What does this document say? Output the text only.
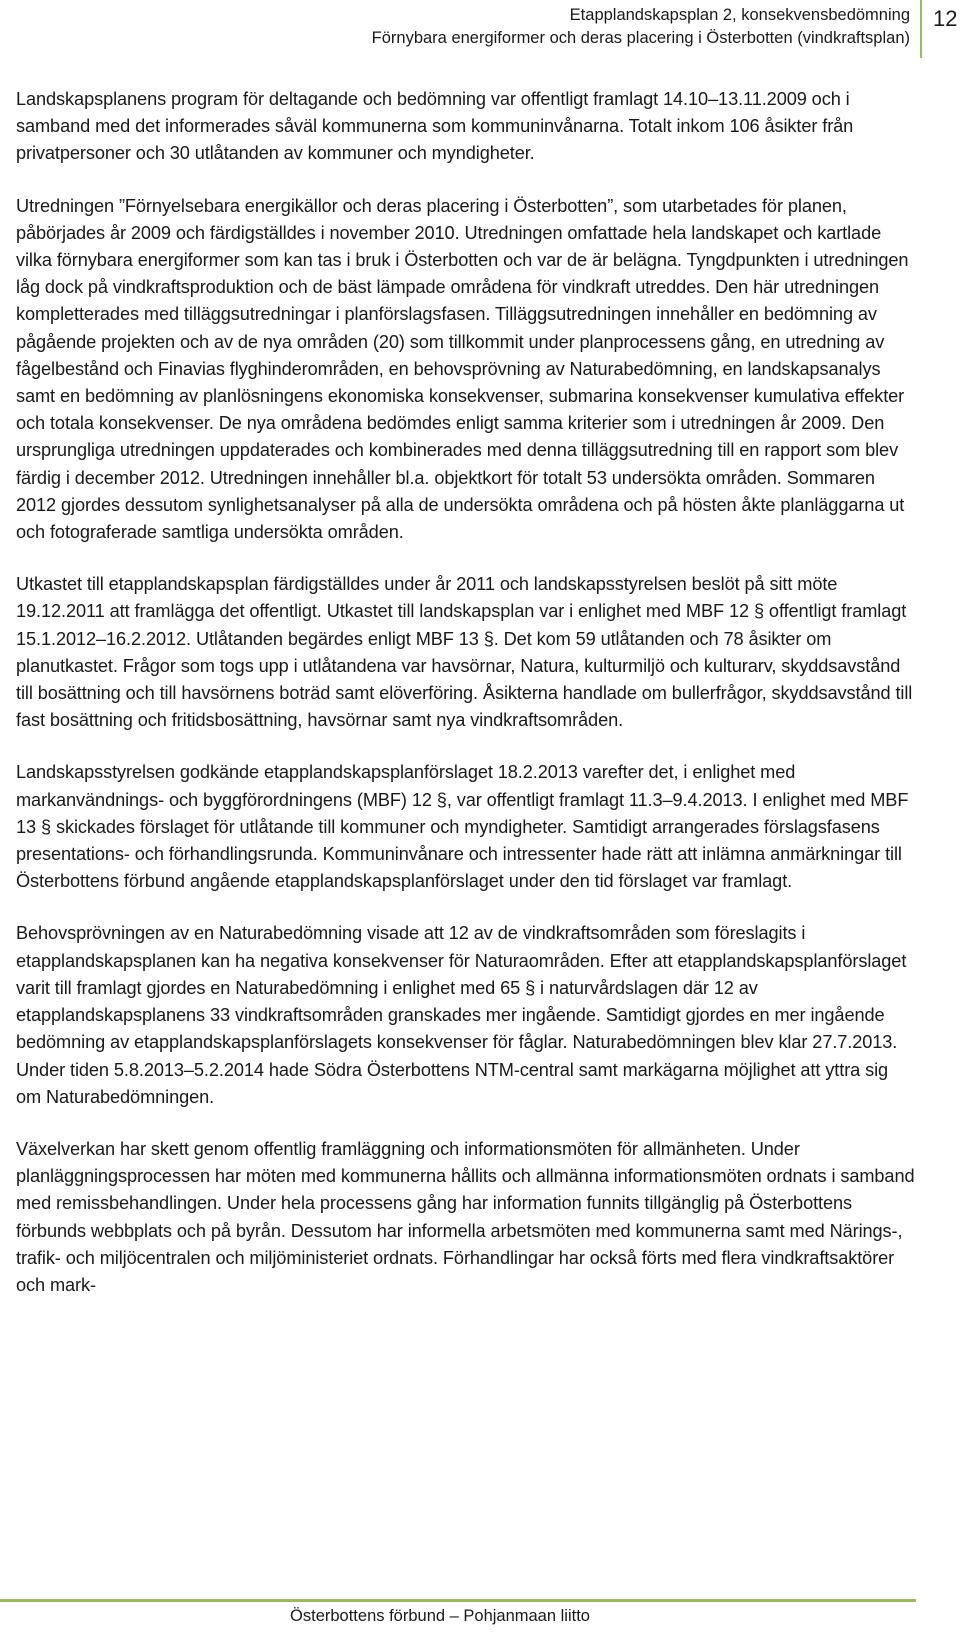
Etapplandskapsplan 2, konsekvensbedömning
Förnybara energiformer och deras placering i Österbotten (vindkraftsplan)
12

Landskapsplanens program för deltagande och bedömning var offentligt framlagt 14.10–13.11.2009 och i samband med det informerades såväl kommunerna som kommuninvånarna. Totalt inkom 106 åsikter från privatpersoner och 30 utlåtanden av kommuner och myndigheter.

Utredningen ”Förnyelsebara energikällor och deras placering i Österbotten”, som utarbetades för planen, påbörjades år 2009 och färdigställdes i november 2010. Utredningen omfattade hela landskapet och kartlade vilka förnybara energiformer som kan tas i bruk i Österbotten och var de är belägna. Tyngdpunkten i utredningen låg dock på vindkraftsproduktion och de bäst lämpade områdena för vindkraft utreddes. Den här utredningen kompletterades med tilläggsutredningar i planförslagsfasen. Tilläggsutredningen innehåller en bedömning av pågående projekten och av de nya områden (20) som tillkommit under planprocessens gång, en utredning av fågelbestånd och Finavias flyghinderområden, en behovsprövning av Naturabedömning, en landskapsanalys samt en bedömning av planlösningens ekonomiska konsekvenser, submarina konsekvenser kumulativa effekter och totala konsekvenser. De nya områdena bedömdes enligt samma kriterier som i utredningen år 2009. Den ursprungliga utredningen uppdaterades och kombinerades med denna tilläggsutredning till en rapport som blev färdig i december 2012. Utredningen innehåller bl.a. objektkort för totalt 53 undersökta områden. Sommaren 2012 gjordes dessutom synlighetsanalyser på alla de undersökta områdena och på hösten åkte planläggarna ut och fotograferade samtliga undersökta områden.

Utkastet till etapplandskapsplan färdigställdes under år 2011 och landskapsstyrelsen beslöt på sitt möte 19.12.2011 att framlägga det offentligt. Utkastet till landskapsplan var i enlighet med MBF 12 § offentligt framlagt 15.1.2012–16.2.2012. Utlåtanden begärdes enligt MBF 13 §. Det kom 59 utlåtanden och 78 åsikter om planutkastet. Frågor som togs upp i utlåtandena var havsörnar, Natura, kulturmiljö och kulturarv, skyddsavstånd till bosättning och till havsörnens boträd samt elöverföring. Åsikterna handlade om bullerfrågor, skyddsavstånd till fast bosättning och fritidsbosättning, havsörnar samt nya vindkraftsområden.

Landskapsstyrelsen godkände etapplandskapsplanförslaget 18.2.2013 varefter det, i enlighet med markanvändnings- och byggförordningens (MBF) 12 §, var offentligt framlagt 11.3–9.4.2013. I enlighet med MBF 13 § skickades förslaget för utlåtande till kommuner och myndigheter. Samtidigt arrangerades förslagsfasens presentations- och förhandlingsrunda. Kommuninvånare och intressenter hade rätt att inlämna anmärkningar till Österbottens förbund angående etapplandskapsplanförslaget under den tid förslaget var framlagt.

Behovsprövningen av en Naturabedömning visade att 12 av de vindkraftsområden som föreslagits i etapplandskapsplanen kan ha negativa konsekvenser för Naturaområden. Efter att etapplandskapsplanförslaget varit till framlagt gjordes en Naturabedömning i enlighet med 65 § i naturvårdslagen där 12 av etapplandskapsplanens 33 vindkraftsområden granskades mer ingående. Samtidigt gjordes en mer ingående bedömning av etapplandskapsplanförslagets konsekvenser för fåglar. Naturabedömningen blev klar 27.7.2013. Under tiden 5.8.2013–5.2.2014 hade Södra Österbottens NTM-central samt markägarna möjlighet att yttra sig om Naturabedömningen.

Växelverkan har skett genom offentlig framläggning och informationsmöten för allmänheten. Under planläggningsprocessen har möten med kommunerna hållits och allmänna informationsmöten ordnats i samband med remissbehandlingen. Under hela processens gång har information funnits tillgänglig på Österbottens förbunds webbplats och på byrån. Dessutom har informella arbetsmöten med kommunerna samt med Närings-, trafik- och miljöcentralen och miljöministeriet ordnats. Förhandlingar har också förts med flera vindkraftsaktörer och mark-

Österbottens förbund – Pohjanmaan liitto
